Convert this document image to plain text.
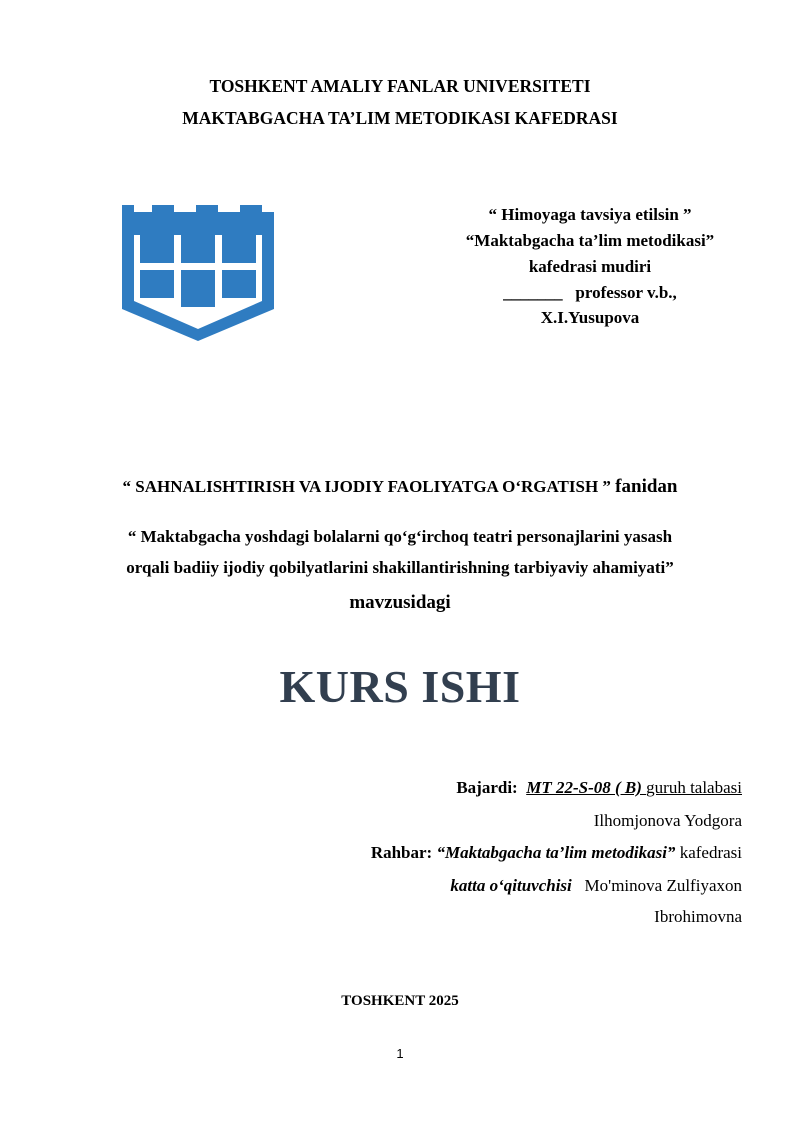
TOSHKENT AMALIY FANLAR UNIVERSITETI
MAKTABGACHA TA’LIM METODIKASI KAFEDRASI
“ Himoyaga tavsiya etilsin ”
“Maktabgacha ta’lim metodikasi”
kafedrasi mudiri
_______ professor v.b.,
X.I.Yusupova
“ SAHNALISHTIRISH VA IJODIY FAOLIYATGA O‘RGATISH ” fanidan
“ Maktabgacha yoshdagi bolalarni qo‘g‘irchoq teatri personajlarini yasash
orqali badiiy ijodiy qobilyatlarini shakillantirishning tarbiyaviy ahamiyati”
mavzusidagi
KURS ISHI
Bajardi: MT 22-S-08 ( B) guruh talabasi
Ilhomjonova Yodgora
Rahbar: “Maktabgacha ta’lim metodikasi” kafedrasi
katta o‘qituvchisi Mo'minova Zulfiyaxon
Ibrohimovna
TOSHKENT 2025
1
